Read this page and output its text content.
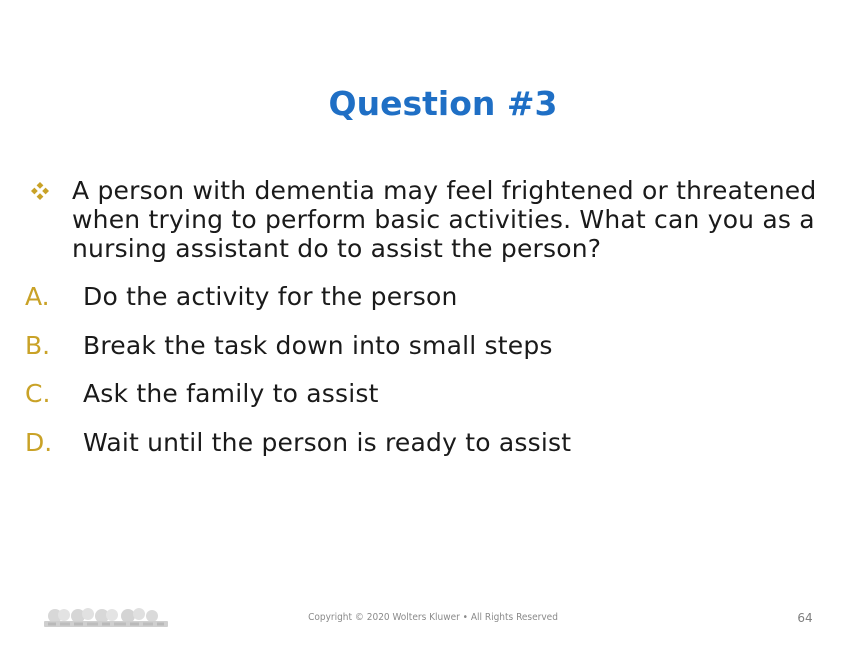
Question #3
A person with dementia may feel frightened or threatened when trying to perform basic activities. What can you as a nursing assistant do to assist the person?
A. Do the activity for the person
B. Break the task down into small steps
C. Ask the family to assist
D. Wait until the person is ready to assist
Copyright © 2020 Wolters Kluwer • All Rights Reserved	64
